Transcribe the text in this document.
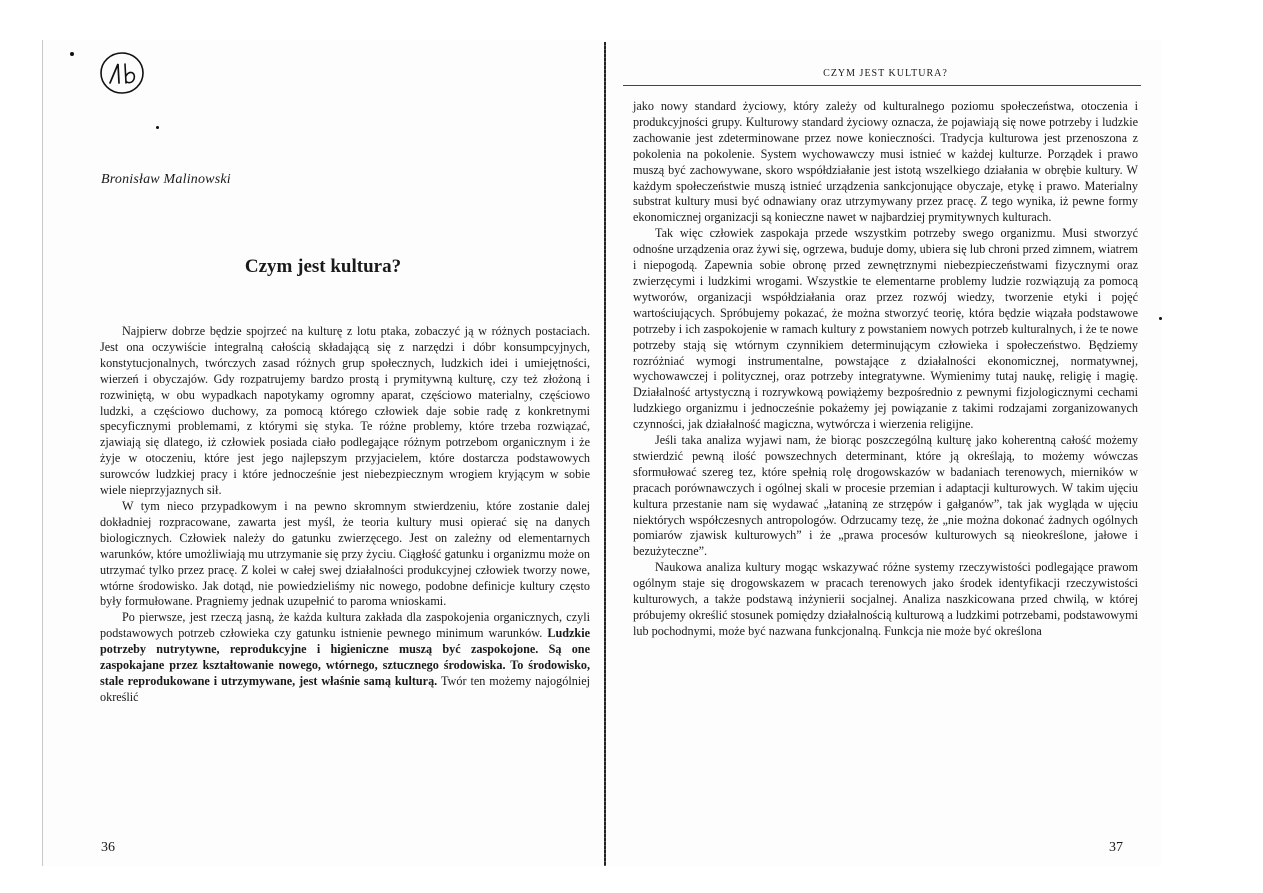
Bronisław Malinowski
Czym jest kultura?

Najpierw dobrze będzie spojrzeć na kulturę z lotu ptaka, zobaczyć ją w różnych postaciach. Jest ona oczywiście integralną całością składającą się z narzędzi i dóbr konsumpcyjnych, konstytucjonalnych, twórczych zasad różnych grup społecznych, ludzkich idei i umiejętności, wierzeń i obyczajów. Gdy rozpatrujemy bardzo prostą i prymitywną kulturę, czy też złożoną i rozwiniętą, w obu wypadkach napotykamy ogromny aparat, częściowo materialny, częściowo ludzki, a częściowo duchowy, za pomocą którego człowiek daje sobie radę z konkretnymi specyficznymi problemami, z którymi się styka. Te różne problemy, które trzeba rozwiązać, zjawiają się dlatego, iż człowiek posiada ciało podlegające różnym potrzebom organicznym i że żyje w otoczeniu, które jest jego najlepszym przyjacielem, które dostarcza podstawowych surowców ludzkiej pracy i które jednocześnie jest niebezpiecznym wrogiem kryjącym w sobie wiele nieprzyjaznych sił.

W tym nieco przypadkowym i na pewno skromnym stwierdzeniu, które zostanie dalej dokładniej rozpracowane, zawarta jest myśl, że teoria kultury musi opierać się na danych biologicznych. Człowiek należy do gatunku zwierzęcego. Jest on zależny od elementarnych warunków, które umożliwiają mu utrzymanie się przy życiu. Ciągłość gatunku i organizmu może on utrzymać tylko przez pracę. Z kolei w całej swej działalności produkcyjnej człowiek tworzy nowe, wtórne środowisko. Jak dotąd, nie powiedzieliśmy nic nowego, podobne definicje kultury często były formułowane. Pragniemy jednak uzupełnić to paroma wnioskami.

Po pierwsze, jest rzeczą jasną, że każda kultura zakłada dla zaspokojenia organicznych, czyli podstawowych potrzeb człowieka czy gatunku istnienie pewnego minimum warunków. Ludzkie potrzeby nutrytywne, reprodukcyjne i higieniczne muszą być zaspokojone. Są one zaspokajane przez kształtowanie nowego, wtórnego, sztucznego środowiska. To środowisko, stale reprodukowane i utrzymywane, jest właśnie samą kulturą. Twór ten możemy najogólniej określić

36
CZYM JEST KULTURA?

jako nowy standard życiowy, który zależy od kulturalnego poziomu społeczeństwa, otoczenia i produkcyjności grupy. Kulturowy standard życiowy oznacza, że pojawiają się nowe potrzeby i ludzkie zachowanie jest zdeterminowane przez nowe konieczności. Tradycja kulturowa jest przenoszona z pokolenia na pokolenie. System wychowawczy musi istnieć w każdej kulturze. Porządek i prawo muszą być zachowywane, skoro współdziałanie jest istotą wszelkiego działania w obrębie kultury. W każdym społeczeństwie muszą istnieć urządzenia sankcjonujące obyczaje, etykę i prawo. Materialny substrat kultury musi być odnawiany oraz utrzymywany przez pracę. Z tego wynika, iż pewne formy ekonomicznej organizacji są konieczne nawet w najbardziej prymitywnych kulturach.

Tak więc człowiek zaspokaja przede wszystkim potrzeby swego organizmu. Musi stworzyć odnośne urządzenia oraz żywi się, ogrzewa, buduje domy, ubiera się lub chroni przed zimnem, wiatrem i niepogodą. Zapewnia sobie obronę przed zewnętrznymi niebezpieczeństwami fizycznymi oraz zwierzęcymi i ludzkimi wrogami. Wszystkie te elementarne problemy ludzie rozwiązują za pomocą wytworów, organizacji współdziałania oraz przez rozwój wiedzy, tworzenie etyki i pojęć wartościujących. Spróbujemy pokazać, że można stworzyć teorię, która będzie wiązała podstawowe potrzeby i ich zaspokojenie w ramach kultury z powstaniem nowych potrzeb kulturalnych, i że te nowe potrzeby stają się wtórnym czynnikiem determinującym człowieka i społeczeństwo. Będziemy rozróżniać wymogi instrumentalne, powstające z działalności ekonomicznej, normatywnej, wychowawczej i politycznej, oraz potrzeby integratywne. Wymienimy tutaj naukę, religię i magię. Działalność artystyczną i rozrywkową powiążemy bezpośrednio z pewnymi fizjologicznymi cechami ludzkiego organizmu i jednocześnie pokażemy jej powiązanie z takimi rodzajami zorganizowanych czynności, jak działalność magiczna, wytwórcza i wierzenia religijne.

Jeśli taka analiza wyjawi nam, że biorąc poszczególną kulturę jako koherentną całość możemy stwierdzić pewną ilość powszechnych determinant, które ją określają, to możemy wówczas sformułować szereg tez, które spełnią rolę drogowskazów w badaniach terenowych, mierników w pracach porównawczych i ogólnej skali w procesie przemian i adaptacji kulturowych. W takim ujęciu kultura przestanie nam się wydawać „łataniną ze strzępów i gałganów”, tak jak wygląda w ujęciu niektórych współczesnych antropologów. Odrzucamy tezę, że „nie można dokonać żadnych ogólnych pomiarów zjawisk kulturowych” i że „prawa procesów kulturowych są nieokreślone, jałowe i bezużyteczne”.

Naukowa analiza kultury mogąc wskazywać różne systemy rzeczywistości podlegające prawom ogólnym staje się drogowskazem w pracach terenowych jako środek identyfikacji rzeczywistości kulturowych, a także podstawą inżynierii socjalnej. Analiza naszkicowana przed chwilą, w której próbujemy określić stosunek pomiędzy działalnością kulturową a ludzkimi potrzebami, podstawowymi lub pochodnymi, może być nazwana funkcjonalną. Funkcja nie może być określona

37
